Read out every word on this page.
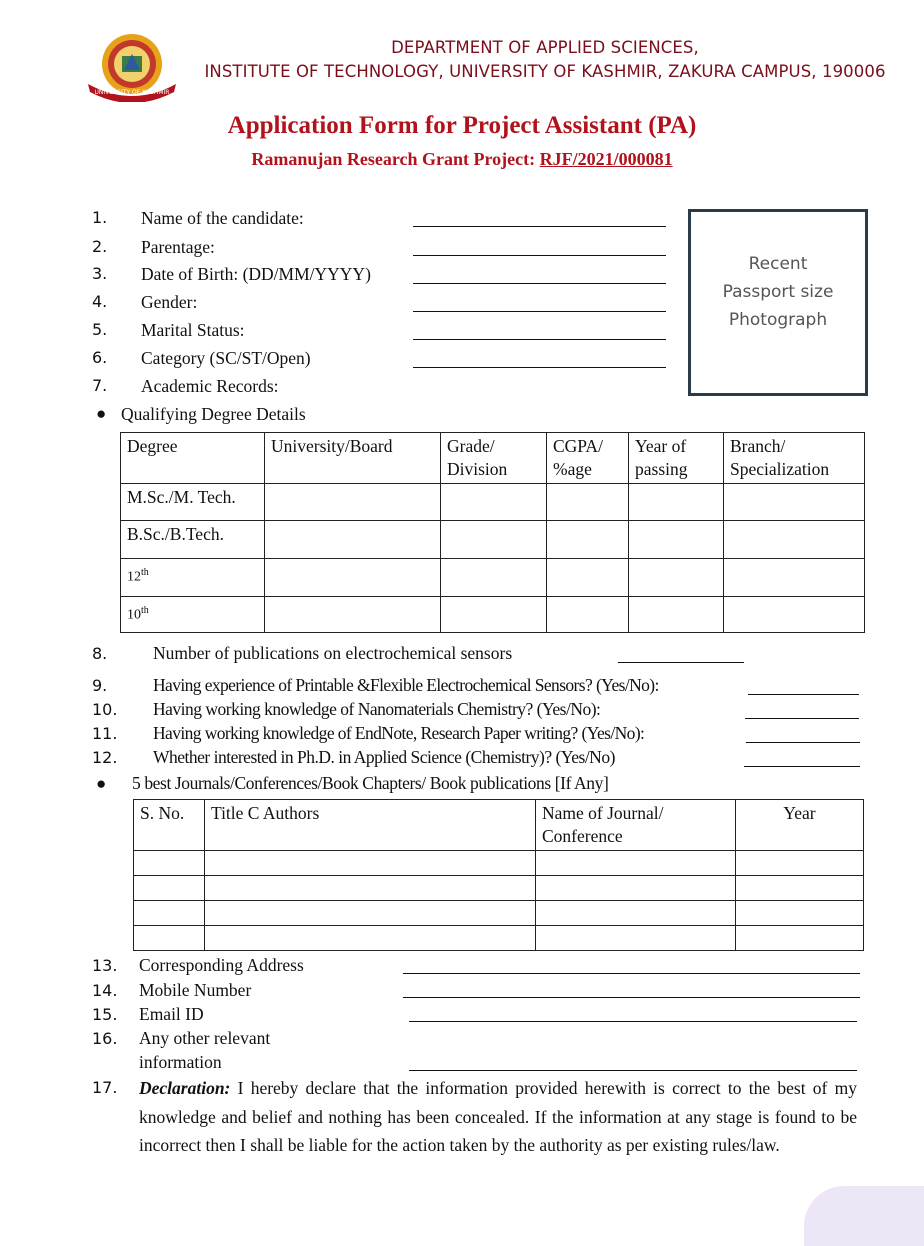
UNIVERSITY OF KASHMIR
DEPARTMENT OF APPLIED SCIENCES,
INSTITUTE OF TECHNOLOGY, UNIVERSITY OF KASHMIR, ZAKURA CAMPUS, 190006
Application Form for Project Assistant (PA)
Ramanujan Research Grant Project: RJF/2021/000081
1. Name of the candidate:
2. Parentage:
3. Date of Birth: (DD/MM/YYYY)
4. Gender:
5. Marital Status:
6. Category (SC/ST/Open)
7. Academic Records:
Recent
Passport size
Photograph
● Qualifying Degree Details
Degree	University/Board	Grade/ Division	CGPA/ %age	Year of passing	Branch/ Specialization
M.Sc./M. Tech.					
B.Sc./B.Tech.					
12th					
10th					
8.	Number of publications on electrochemical sensors
9.	Having experience of Printable &Flexible Electrochemical Sensors? (Yes/No):
10. Having working knowledge of Nanomaterials Chemistry? (Yes/No):
11. Having working knowledge of EndNote, Research Paper writing? (Yes/No):
12. Whether interested in Ph.D. in Applied Science (Chemistry)? (Yes/No)
● 5 best Journals/Conferences/Book Chapters/ Book publications [If Any]
S. No.	Title C Authors	Name of Journal/ Conference	Year

13. Corresponding Address
14. Mobile Number
15. Email ID
16. Any other relevant
information
17. Declaration: I hereby declare that the information provided herewith is correct to the best of my knowledge and belief and nothing has been concealed. If the information at any stage is found to be incorrect then I shall be liable for the action taken by the authority as per existing rules/law.
